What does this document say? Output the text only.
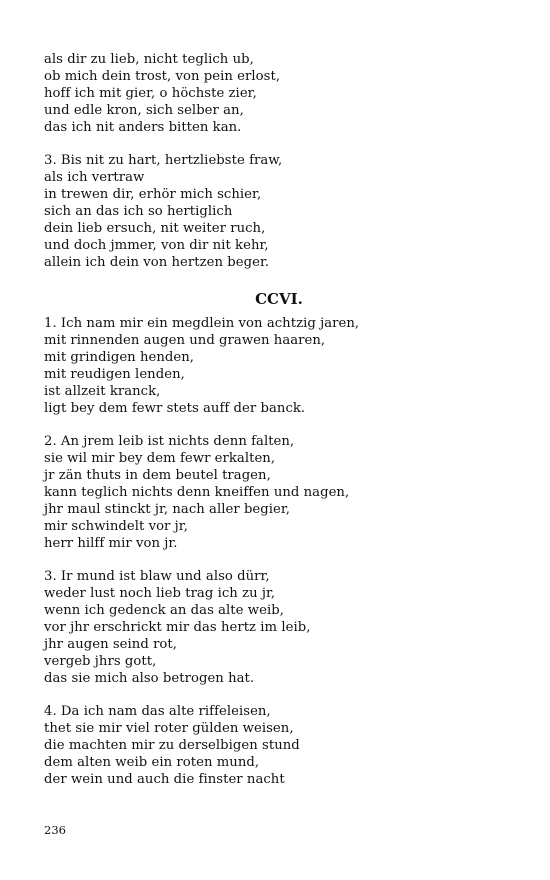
als dir zu lieb, nicht teglich ub,
ob mich dein trost, von pein erlost,
hoff ich mit gier, o höchste zier,
und edle kron, sich selber an,
das ich nit anders bitten kan.
3. Bis nit zu hart, hertzliebste fraw,
als ich vertraw
in trewen dir, erhör mich schier,
sich an das ich so hertiglich
dein lieb ersuch, nit weiter ruch,
und doch jmmer, von dir nit kehr,
allein ich dein von hertzen beger.
CCVI.
1. Ich nam mir ein megdlein von achtzig jaren,
mit rinnenden augen und grawen haaren,
mit grindigen henden,
mit reudigen lenden,
ist allzeit kranck,
ligt bey dem fewr stets auff der banck.
2. An jrem leib ist nichts denn falten,
sie wil mir bey dem fewr erkalten,
jr zän thuts in dem beutel tragen,
kann teglich nichts denn kneiffen und nagen,
jhr maul stinckt jr, nach aller begier,
mir schwindelt vor jr,
herr hilff mir von jr.
3. Ir mund ist blaw und also dürr,
weder lust noch lieb trag ich zu jr,
wenn ich gedenck an das alte weib,
vor jhr erschrickt mir das hertz im leib,
jhr augen seind rot,
vergeb jhrs gott,
das sie mich also betrogen hat.
4. Da ich nam das alte riffeleisen,
thet sie mir viel roter gülden weisen,
die machten mir zu derselbigen stund
dem alten weib ein roten mund,
der wein und auch die finster nacht
236
